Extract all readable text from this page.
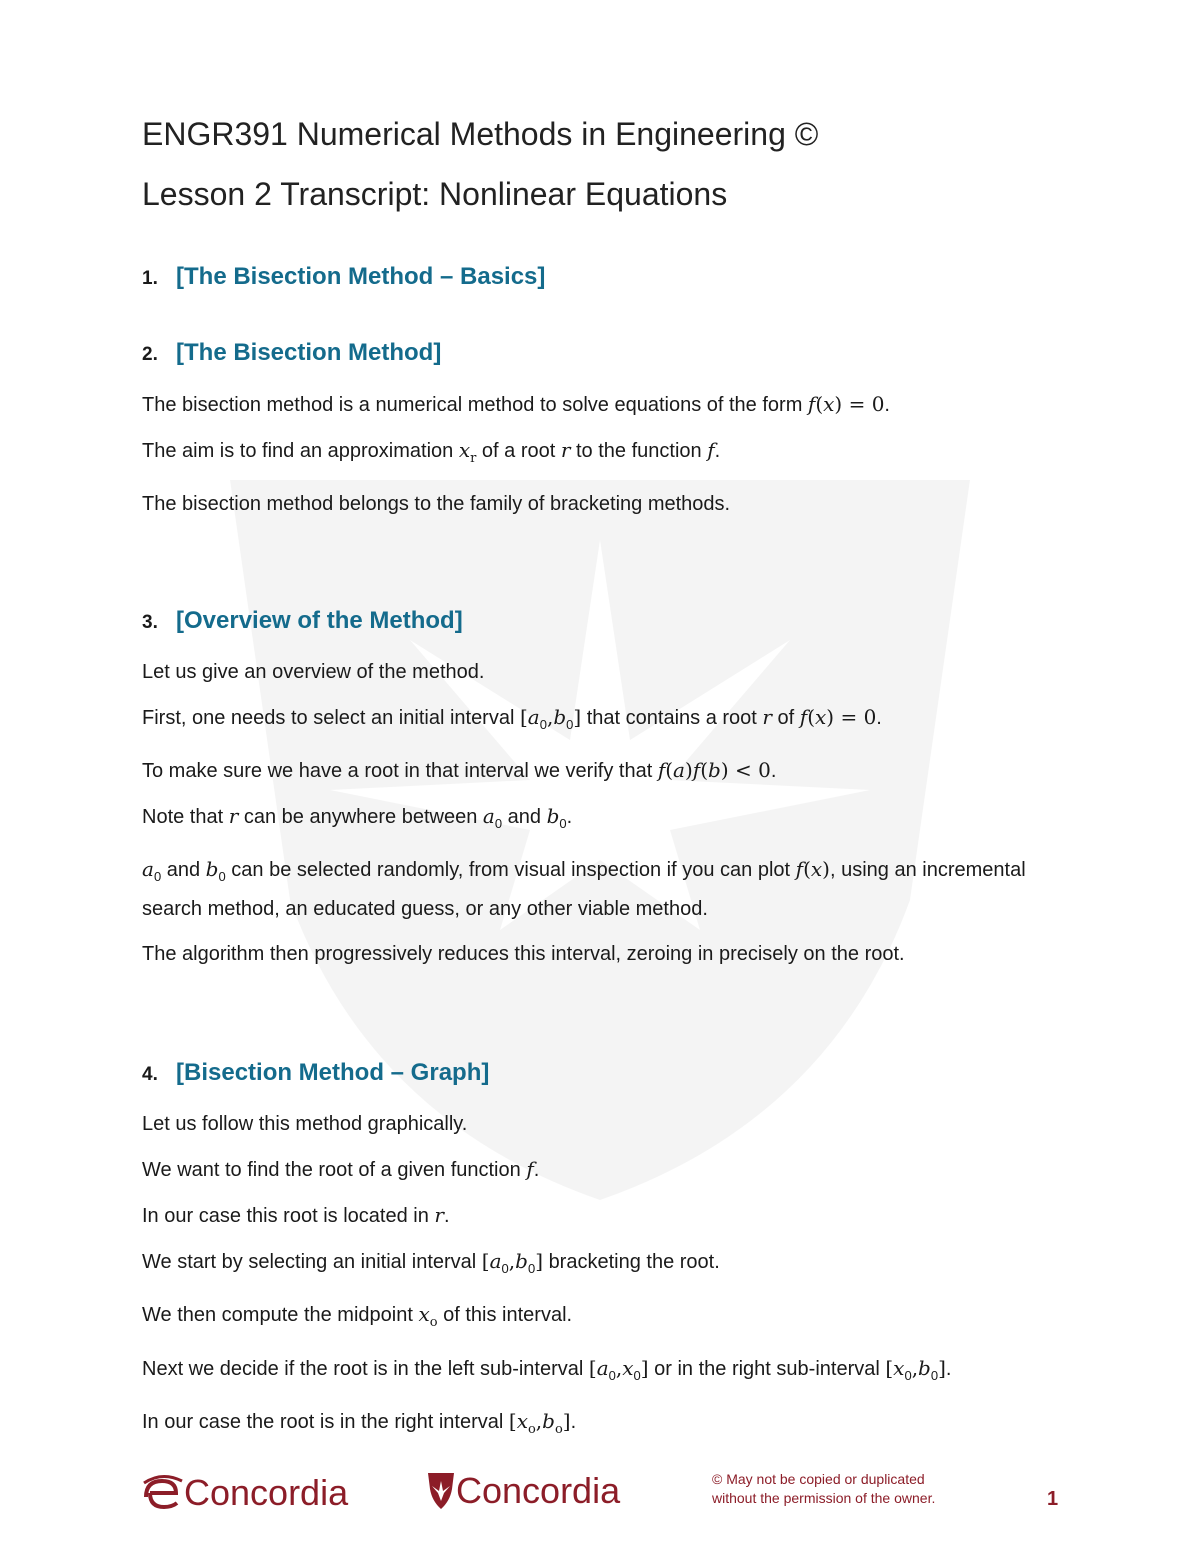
ENGR391 Numerical Methods in Engineering ©
Lesson 2 Transcript: Nonlinear Equations
1. [The Bisection Method – Basics]
2. [The Bisection Method]

The bisection method is a numerical method to solve equations of the form f(x) = 0.

The aim is to find an approximation $x_r$ of a root r to the function f.

The bisection method belongs to the family of bracketing methods.

3. [Overview of the Method]

Let us give an overview of the method.

First, one needs to select an initial interval $[a_0,b_0]$ that contains a root r of f(x) = 0.

To make sure we have a root in that interval we verify that f(a)f(b) < 0.

Note that r can be anywhere between $a_0$ and $b_0$.

$a_0$ and $b_0$ can be selected randomly, from visual inspection if you can plot f(x), using an incremental search method, an educated guess, or any other viable method.

The algorithm then progressively reduces this interval, zeroing in precisely on the root.

4. [Bisection Method – Graph]

Let us follow this method graphically.

We want to find the root of a given function f.

In our case this root is located in r.

We start by selecting an initial interval $[a_0,b_0]$ bracketing the root.

We then compute the midpoint $x_o$ of this interval.

Next we decide if the root is in the left sub-interval $[a_0,x_0]$ or in the right sub-interval $[x_0,b_0]$.

In our case the root is in the right interval $[x_o,b_o]$.

Concordia	Concordia	© May not be copied or duplicated
without the permission of the owner.	1
